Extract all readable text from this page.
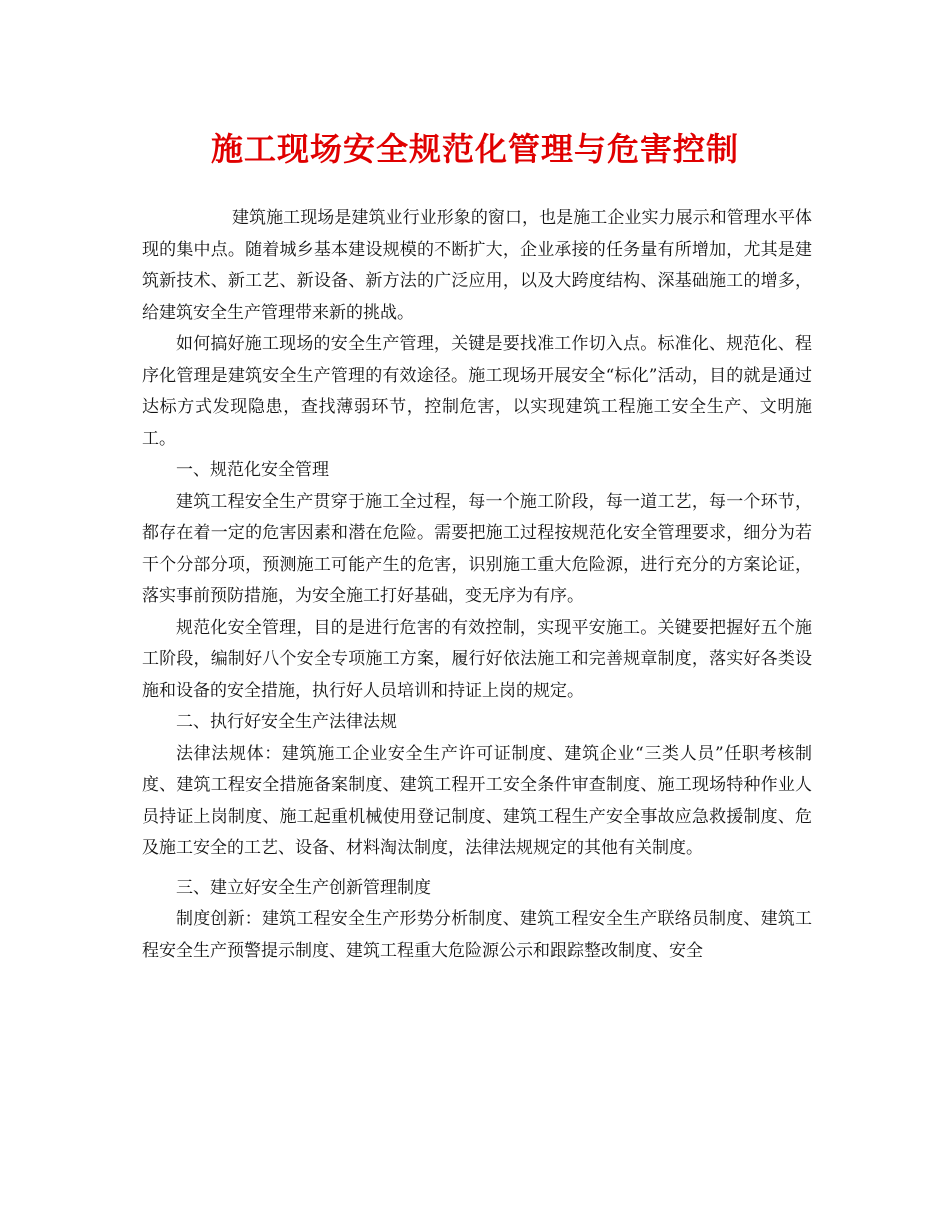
施工现场安全规范化管理与危害控制

建筑施工现场是建筑业行业形象的窗口，也是施工企业实力展示和管理水平体现的集中点。随着城乡基本建设规模的不断扩大，企业承接的任务量有所增加，尤其是建筑新技术、新工艺、新设备、新方法的广泛应用，以及大跨度结构、深基础施工的增多，给建筑安全生产管理带来新的挑战。

如何搞好施工现场的安全生产管理，关键是要找准工作切入点。标准化、规范化、程序化管理是建筑安全生产管理的有效途径。施工现场开展安全“标化”活动，目的就是通过达标方式发现隐患，查找薄弱环节，控制危害，以实现建筑工程施工安全生产、文明施工。

一、规范化安全管理

建筑工程安全生产贯穿于施工全过程，每一个施工阶段，每一道工艺，每一个环节，都存在着一定的危害因素和潜在危险。需要把施工过程按规范化安全管理要求，细分为若干个分部分项，预测施工可能产生的危害，识别施工重大危险源，进行充分的方案论证，落实事前预防措施，为安全施工打好基础，变无序为有序。

规范化安全管理，目的是进行危害的有效控制，实现平安施工。关键要把握好五个施工阶段，编制好八个安全专项施工方案，履行好依法施工和完善规章制度，落实好各类设施和设备的安全措施，执行好人员培训和持证上岗的规定。

二、执行好安全生产法律法规

法律法规体：建筑施工企业安全生产许可证制度、建筑企业“三类人员”任职考核制度、建筑工程安全措施备案制度、建筑工程开工安全条件审查制度、施工现场特种作业人员持证上岗制度、施工起重机械使用登记制度、建筑工程生产安全事故应急救援制度、危及施工安全的工艺、设备、材料淘汰制度，法律法规规定的其他有关制度。

三、建立好安全生产创新管理制度

制度创新：建筑工程安全生产形势分析制度、建筑工程安全生产联络员制度、建筑工程安全生产预警提示制度、建筑工程重大危险源公示和跟踪整改制度、安全
